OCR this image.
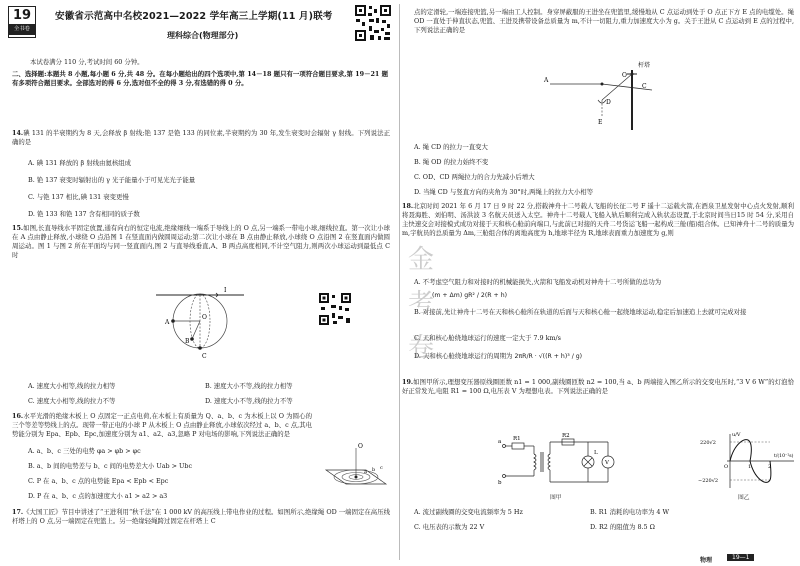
19
全书卷
安徽省示范高中名校2021—2022 学年高三上学期(11 月)联考
理科综合(物理部分)

本试卷满分 110 分,考试时间 60 分钟。

二、选择题:本题共 8 小题,每小题 6 分,共 48 分。在每小题给出的四个选项中,第 14－18 题只有一项符合题目要求,第 19－21 题有多项符合题目要求。全部选对的得 6 分,选对但不全的得 3 分,有选错的得 0 分。

14.碘 131 的半衰期约为 8 天,会释放 β 射线;铯 137 是铯 133 的同位素,半衰期约为 30 年,发生衰变时会辐射 γ 射线。下列说法正确的是

A. 碘 131 释放的 β 射线由氦核组成
B. 铯 137 衰变时辐射出的 γ 光子能量小于可见光光子能量
C. 与铯 137 相比,碘 131 衰变更慢
D. 铯 133 和铯 137 含有相同的质子数

15.如图,长直导线水平固定放置,通有向右的恒定电流,绝缘细线一端系于导线上的 O 点,另一端系一带电小球,细线拉直。第一次让小球在 A 点由静止释放,小球绕 O 点沿图 1 在竖直面内做圆周运动;第二次让小球在 B 点由静止释放,小球绕 O 点沿图 2 在竖直面内做圆周运动。图 1 与图 2 所在平面均与同一竖直面内,图 2 与直导线垂直,A、B 两点高度相同,不计空气阻力,则两次小球运动到最低点 C 时

I
A
O
B
C
A. 速度大小相等,线的拉力相等	B. 速度大小不等,线的拉力相等
C. 速度大小相等,线的拉力不等	D. 速度大小不等,线的拉力不等

16.水平光滑的绝缘木板上 O 点固定一正点电荷,在木板上有质量为 Q、a、b、c 为木板上以 O 为圆心的三个等差等势线上的点。现带一带正电的小球 P 从木板上 O 点由静止释放,小球依次经过 a、b、c 点,其电势能分别为 Epa、Epb、Epc,加速度分别为 a1、a2、a3,忽略 P 对电场的影响,下列说法正确的是

O
a b c
A. a、b、c 三处的电势 φa > φb > φc
B. a、b 间的电势差与 b、c 间的电势差大小 Uab > Ubc
C. P 在 a、b、c 点的电势能 Epa < Epb < Epc
D. P 在 a、b、c 点的加速度大小 a1 > a2 > a3

17.《大国工匠》节目中讲述了“王进利用“秋千法”在 1 000 kV 的高压线上带电作业的过程。如图所示,绝缘绳 OD 一端固定在高压线杆塔上的 O 点,另一端固定在兜篮上。另一绝缘轻绳跨过固定在杆塔上 C

点的定滑轮,一端连接兜篮,另一端由工人控制。身穿屏蔽服的王进坐在兜篮里,缓慢地从 C 点运动到处于 O 点正下方 E 点的电缆处。绳 OD 一直处于伸直状态,兜篮、王进及携带设备总质量为 m,不计一切阻力,重力加速度大小为 g。关于王进从 C 点运动到 E 点的过程中,下列说法正确的是

杆塔
O
C
A
D
E
A. 绳 CD 的拉力一直变大
B. 绳 OD 的拉力始终不变
C. OD、CD 两绳拉力的合力先减小后增大
D. 当绳 CD 与竖直方向的夹角为 30°时,两绳上的拉力大小相等

18.北京时间 2021 年 6 月 17 日 9 时 22 分,搭载神舟十二号载人飞船的长征二号 F 遥十二运载火箭,在酒泉卫星发射中心点火发射,顺利将聂海胜、刘伯明、汤洪波 3 名航天员送入太空。神舟十二号载人飞船入轨后顺利完成入轨状态设置,于北京时间当日15 时 54 分,采用自主快速交会对接模式成功对接于天和核心舱前向端口,与此前已对接的天舟二号货运飞船一起构成三舱(船)组合体。已知神舟十二号的质量为 m,宇航员的总质量为 Δm,三舱组合体的离地高度为 h,地球半径为 R,地球表面重力加速度为 g,则

A. 不考虑空气阻力和对接时的机械能损失,火箭和飞船发动机对神舟十二号所做的总功为
(m + Δm) gR² / 2(R + h)

B. 对接前,先让神舟十二号在天和核心舱所在轨道的后面与天和核心舱一起绕地球运动,稳定后加速追上去就可完成对接

C. 天和核心舱绕地球运行的速度一定大于 7.9 km/s
D. 天和核心舱绕地球运行的周期为 2πR/R · √((R + h)³ / g)

19.如图甲所示,理想变压器原线圈匝数 n1 = 1 000,副线圈匝数 n2 = 100,当 a、b 两端接入图乙所示的交变电压时,“3 V 6 W”的灯泡恰好正常发光,电阻 R1 = 100 Ω,电压表 V 为理想电表。下列说法正确的是

R1	R2
a
b
V
L
图甲
u/V
220√2
−220√2
O	1	2
t/(10⁻²s)
图乙
A. 流过副线圈的交变电流频率为 5 Hz	B. R1 消耗的电功率为 4 W
C. 电压表的示数为 22 V	D. R2 的阻值为 8.5 Ω
金
考
卷
物理	19—1
